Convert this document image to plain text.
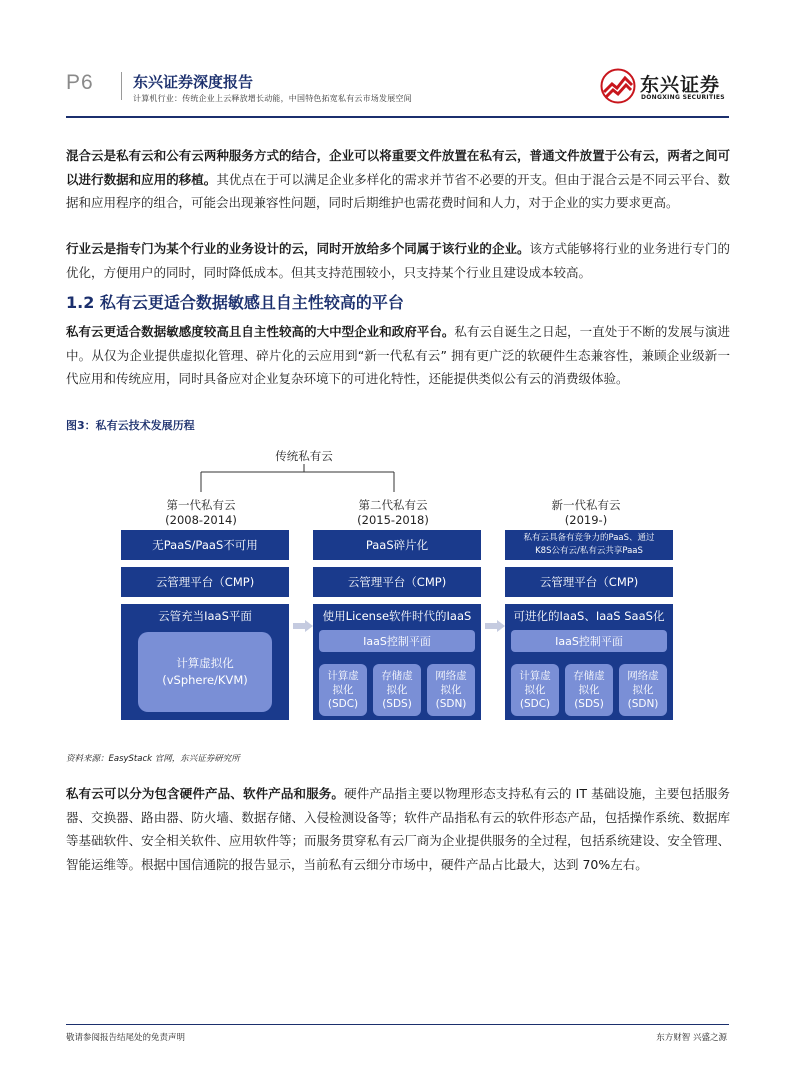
P6	东兴证券深度报告
计算机行业：传统企业上云释放增长动能，中国特色拓宽私有云市场发展空间
东兴证券
DONGXING SECURITIES
混合云是私有云和公有云两种服务方式的结合，企业可以将重要文件放置在私有云，普通文件放置于公有云，两者之间可以进行数据和应用的移植。其优点在于可以满足企业多样化的需求并节省不必要的开支。但由于混合云是不同云平台、数据和应用程序的组合，可能会出现兼容性问题，同时后期维护也需花费时间和人力，对于企业的实力要求更高。
行业云是指专门为某个行业的业务设计的云，同时开放给多个同属于该行业的企业。该方式能够将行业的业务进行专门的优化，方便用户的同时，同时降低成本。但其支持范围较小，只支持某个行业且建设成本较高。
1.2 私有云更适合数据敏感且自主性较高的平台
私有云更适合数据敏感度较高且自主性较高的大中型企业和政府平台。私有云自诞生之日起，一直处于不断的发展与演进中。从仅为企业提供虚拟化管理、碎片化的云应用到“新一代私有云” 拥有更广泛的软硬件生态兼容性，兼顾企业级新一代应用和传统应用，同时具备应对企业复杂环境下的可进化特性，还能提供类似公有云的消费级体验。
图3：私有云技术发展历程
传统私有云
第一代私有云
(2008-2014)
无PaaS/PaaS不可用
云管理平台（CMP)
云管充当IaaS平面
计算虚拟化
(vSphere/KVM)
第二代私有云
(2015-2018)
PaaS碎片化
云管理平台（CMP)
使用License软件时代的IaaS
IaaS控制平面
计算虚
拟化
(SDC)
存储虚
拟化
(SDS)
网络虚
拟化
(SDN)
新一代私有云
(2019-)
私有云具备有竞争力的PaaS、通过
K8S公有云/私有云共享PaaS
云管理平台（CMP)
可进化的IaaS、IaaS SaaS化
IaaS控制平面
计算虚
拟化
(SDC)
存储虚
拟化
(SDS)
网络虚
拟化
(SDN)
资料来源：EasyStack 官网，东兴证券研究所
私有云可以分为包含硬件产品、软件产品和服务。硬件产品指主要以物理形态支持私有云的 IT 基础设施，主要包括服务器、交换器、路由器、防火墙、数据存储、入侵检测设备等；软件产品指私有云的软件形态产品，包括操作系统、数据库等基础软件、安全相关软件、应用软件等；而服务贯穿私有云厂商为企业提供服务的全过程，包括系统建设、安全管理、智能运维等。根据中国信通院的报告显示，当前私有云细分市场中，硬件产品占比最大，达到 70%左右。
敬请参阅报告结尾处的免责声明	东方财智 兴盛之源
